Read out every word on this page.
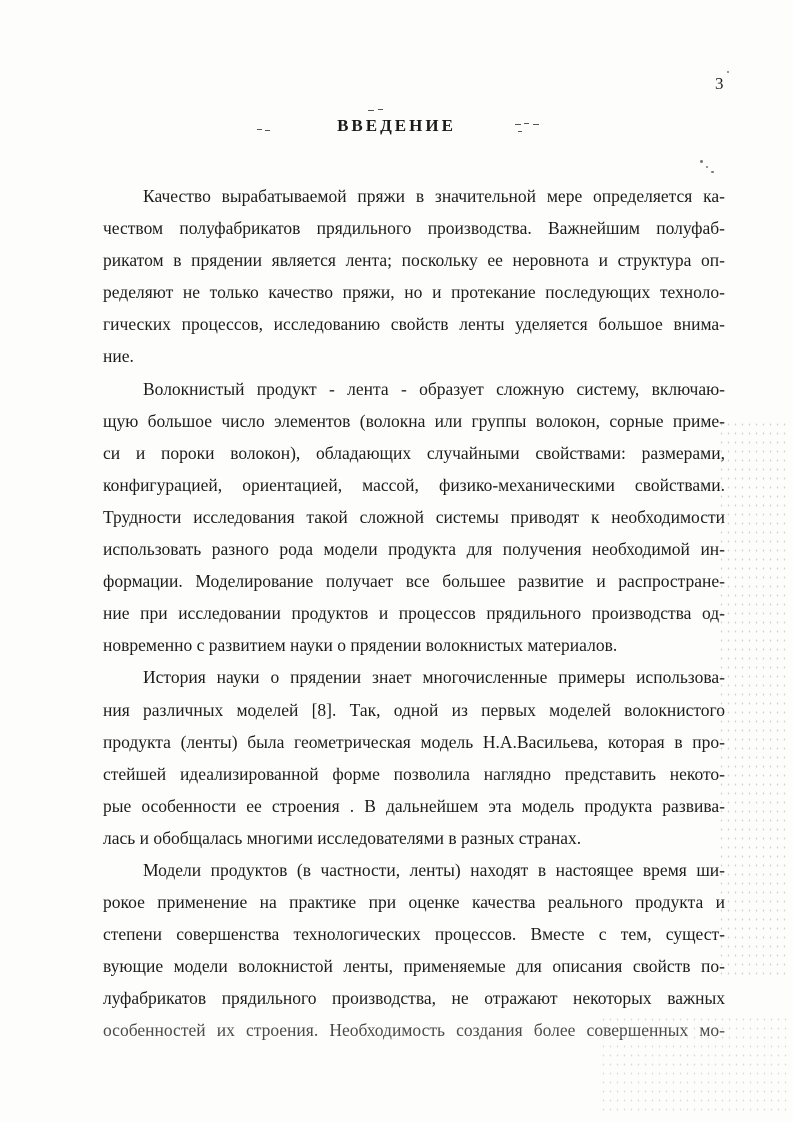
3
ВВЕДЕНИЕ
Качество вырабатываемой пряжи в значительной мере определяется ка-
чеством полуфабрикатов прядильного производства. Важнейшим полуфаб-
рикатом в прядении является лента; поскольку ее неровнота и структура оп-
ределяют не только качество пряжи, но и протекание последующих техноло-
гических процессов, исследованию свойств ленты уделяется большое внима-
ние.
Волокнистый продукт - лента - образует сложную систему, включаю-
щую большое число элементов (волокна или группы волокон, сорные приме-
си и пороки волокон), обладающих случайными свойствами: размерами,
конфигурацией, ориентацией, массой, физико-механическими свойствами.
Трудности исследования такой сложной системы приводят к необходимости
использовать разного рода модели продукта для получения необходимой ин-
формации. Моделирование получает все большее развитие и распростране-
ние при исследовании продуктов и процессов прядильного производства од-
новременно с развитием науки о прядении волокнистых материалов.
История науки о прядении знает многочисленные примеры использова-
ния различных моделей [8]. Так, одной из первых моделей волокнистого
продукта (ленты) была геометрическая модель Н.А.Васильева, которая в про-
стейшей идеализированной форме позволила наглядно представить некото-
рые особенности ее строения . В дальнейшем эта модель продукта развива-
лась и обобщалась многими исследователями в разных странах.
Модели продуктов (в частности, ленты) находят в настоящее время ши-
рокое применение на практике при оценке качества реального продукта и
степени совершенства технологических процессов. Вместе с тем, сущест-
вующие модели волокнистой ленты, применяемые для описания свойств по-
луфабрикатов прядильного производства, не отражают некоторых важных
особенностей их строения. Необходимость создания более совершенных мо-
